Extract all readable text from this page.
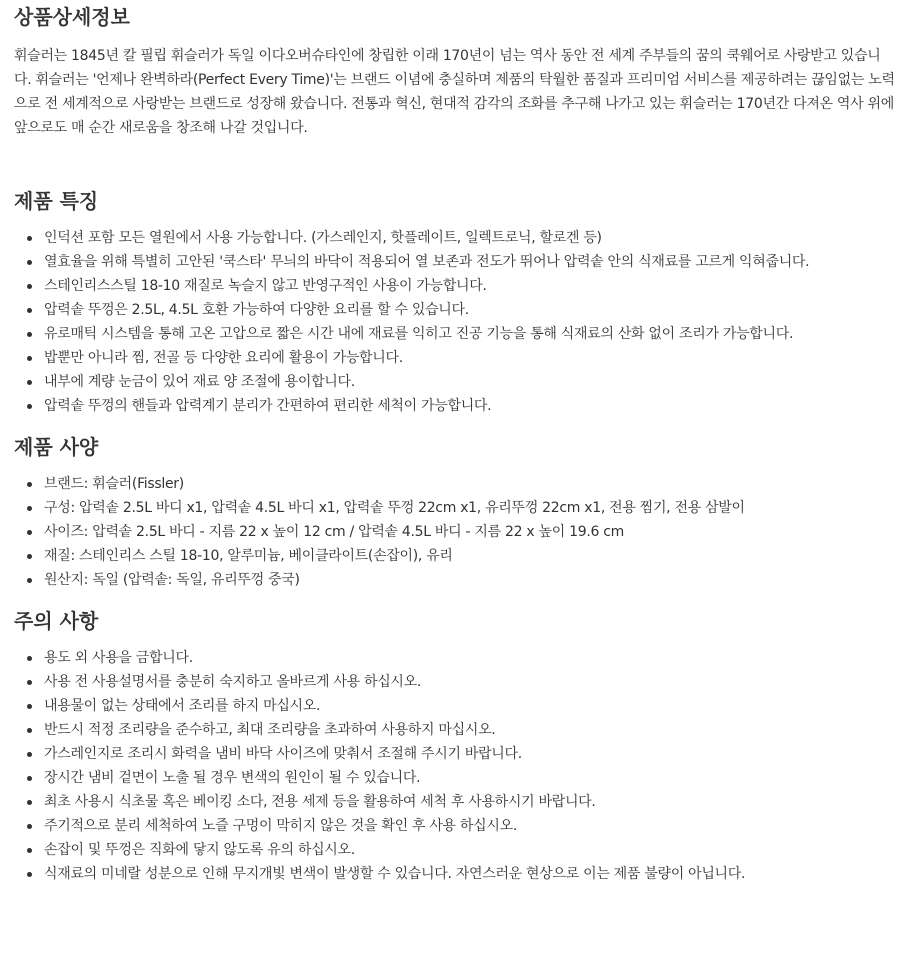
상품상세정보

휘슬러는 1845년 칼 필립 휘슬러가 독일 이다오버슈타인에 창립한 이래 170년이 넘는 역사 동안 전 세계 주부들의 꿈의 쿡웨어로 사랑받고 있습니다. 휘슬러는 '언제나 완벽하라(Perfect Every Time)'는 브랜드 이념에 충실하며 제품의 탁월한 품질과 프리미엄 서비스를 제공하려는 끊임없는 노력으로 전 세계적으로 사랑받는 브랜드로 성장해 왔습니다. 전통과 혁신, 현대적 감각의 조화를 추구해 나가고 있는 휘슬러는 170년간 다져온 역사 위에 앞으로도 매 순간 새로움을 창조해 나갈 것입니다.

제품 특징
인덕션 포함 모든 열원에서 사용 가능합니다. (가스레인지, 핫플레이트, 일렉트로닉, 할로겐 등)
열효율을 위해 특별히 고안된 '쿡스타' 무늬의 바닥이 적용되어 열 보존과 전도가 뛰어나 압력솥 안의 식재료를 고르게 익혀줍니다.
스테인리스스틸 18-10 재질로 녹슬지 않고 반영구적인 사용이 가능합니다.
압력솥 뚜껑은 2.5L, 4.5L 호환 가능하여 다양한 요리를 할 수 있습니다.
유로매틱 시스템을 통해 고온 고압으로 짧은 시간 내에 재료를 익히고 진공 기능을 통해 식재료의 산화 없이 조리가 가능합니다.
밥뿐만 아니라 찜, 전골 등 다양한 요리에 활용이 가능합니다.
내부에 계량 눈금이 있어 재료 양 조절에 용이합니다.
압력솥 뚜껑의 핸들과 압력계기 분리가 간편하여 편리한 세척이 가능합니다.
제품 사양
브랜드: 휘슬러(Fissler)
구성: 압력솥 2.5L 바디 x1, 압력솥 4.5L 바디 x1, 압력솥 뚜껑 22cm x1, 유리뚜껑 22cm x1, 전용 찜기, 전용 삼발이
사이즈: 압력솥 2.5L 바디 - 지름 22 x 높이 12 cm / 압력솥 4.5L 바디 - 지름 22 x 높이 19.6 cm
재질: 스테인리스 스틸 18-10, 알루미늄, 베이클라이트(손잡이), 유리
원산지: 독일 (압력솥: 독일, 유리뚜껑 중국)
주의 사항
용도 외 사용을 금합니다.
사용 전 사용설명서를 충분히 숙지하고 올바르게 사용 하십시오.
내용물이 없는 상태에서 조리를 하지 마십시오.
반드시 적정 조리량을 준수하고, 최대 조리량을 초과하여 사용하지 마십시오.
가스레인지로 조리시 화력을 냄비 바닥 사이즈에 맞춰서 조절해 주시기 바랍니다.
장시간 냄비 겉면이 노출 될 경우 변색의 원인이 될 수 있습니다.
최초 사용시 식초물 혹은 베이킹 소다, 전용 세제 등을 활용하여 세척 후 사용하시기 바랍니다.
주기적으로 분리 세척하여 노즐 구멍이 막히지 않은 것을 확인 후 사용 하십시오.
손잡이 및 뚜껑은 직화에 닿지 않도록 유의 하십시오.
식재료의 미네랄 성분으로 인해 무지개빛 변색이 발생할 수 있습니다. 자연스러운 현상으로 이는 제품 불량이 아닙니다.
